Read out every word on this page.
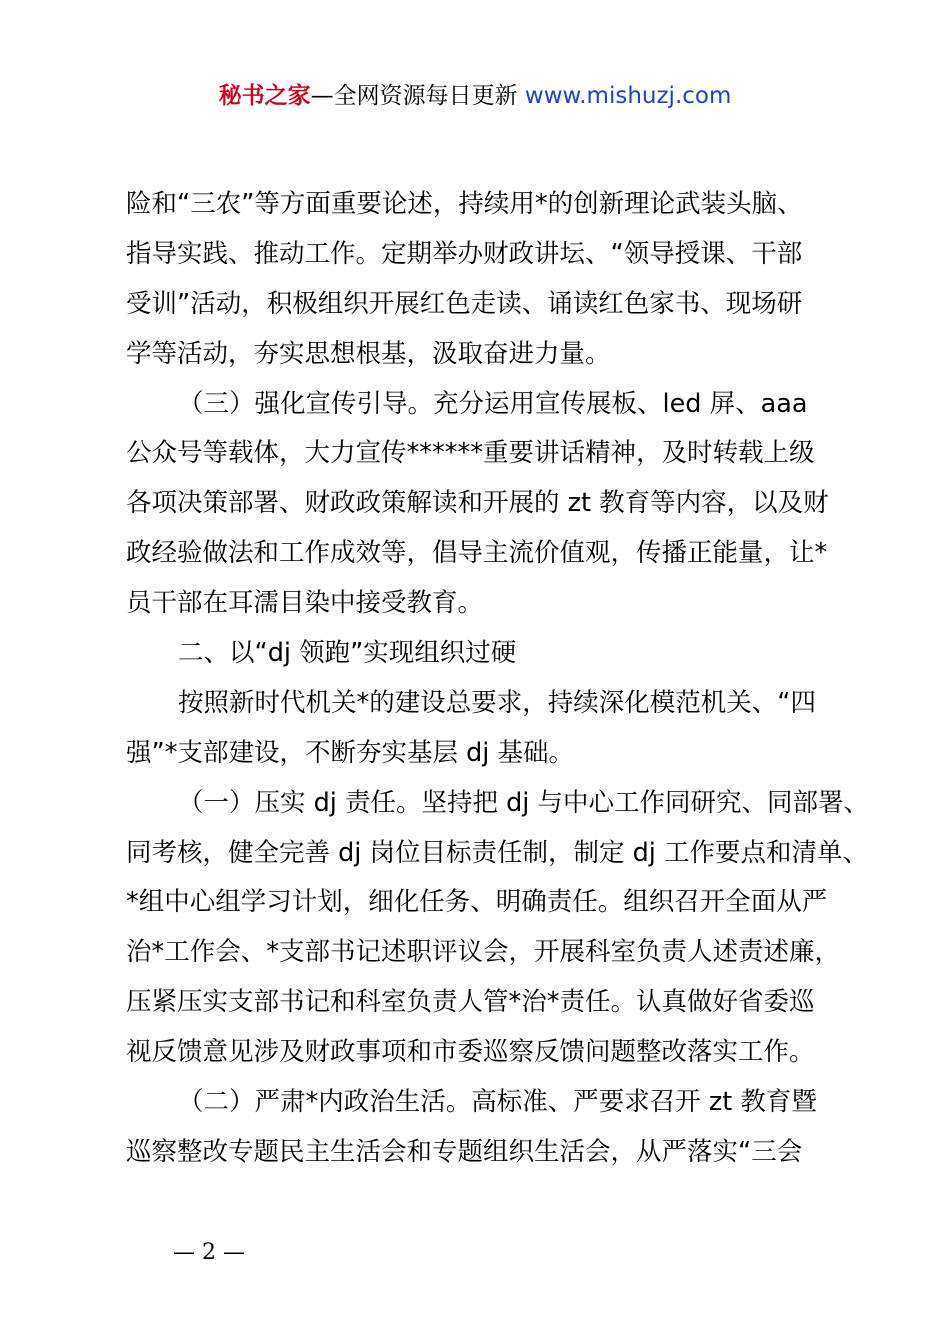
秘书之家—全网资源每日更新 www.mishuzj.com
险和“三农”等方面重要论述，持续用*的创新理论武装头脑、
指导实践、推动工作。定期举办财政讲坛、“领导授课、干部
受训”活动，积极组织开展红色走读、诵读红色家书、现场研
学等活动，夯实思想根基，汲取奋进力量。
（三）强化宣传引导。充分运用宣传展板、led 屏、aaa
公众号等载体，大力宣传******重要讲话精神，及时转载上级
各项决策部署、财政政策解读和开展的 zt 教育等内容，以及财
政经验做法和工作成效等，倡导主流价值观，传播正能量，让*
员干部在耳濡目染中接受教育。
二、以“dj 领跑”实现组织过硬
按照新时代机关*的建设总要求，持续深化模范机关、“四
强”*支部建设，不断夯实基层 dj 基础。
（一）压实 dj 责任。坚持把 dj 与中心工作同研究、同部署、
同考核，健全完善 dj 岗位目标责任制，制定 dj 工作要点和清单、
*组中心组学习计划，细化任务、明确责任。组织召开全面从严
治*工作会、*支部书记述职评议会，开展科室负责人述责述廉，
压紧压实支部书记和科室负责人管*治*责任。认真做好省委巡
视反馈意见涉及财政事项和市委巡察反馈问题整改落实工作。
（二）严肃*内政治生活。高标准、严要求召开 zt 教育暨
巡察整改专题民主生活会和专题组织生活会，从严落实“三会
— 2 —
